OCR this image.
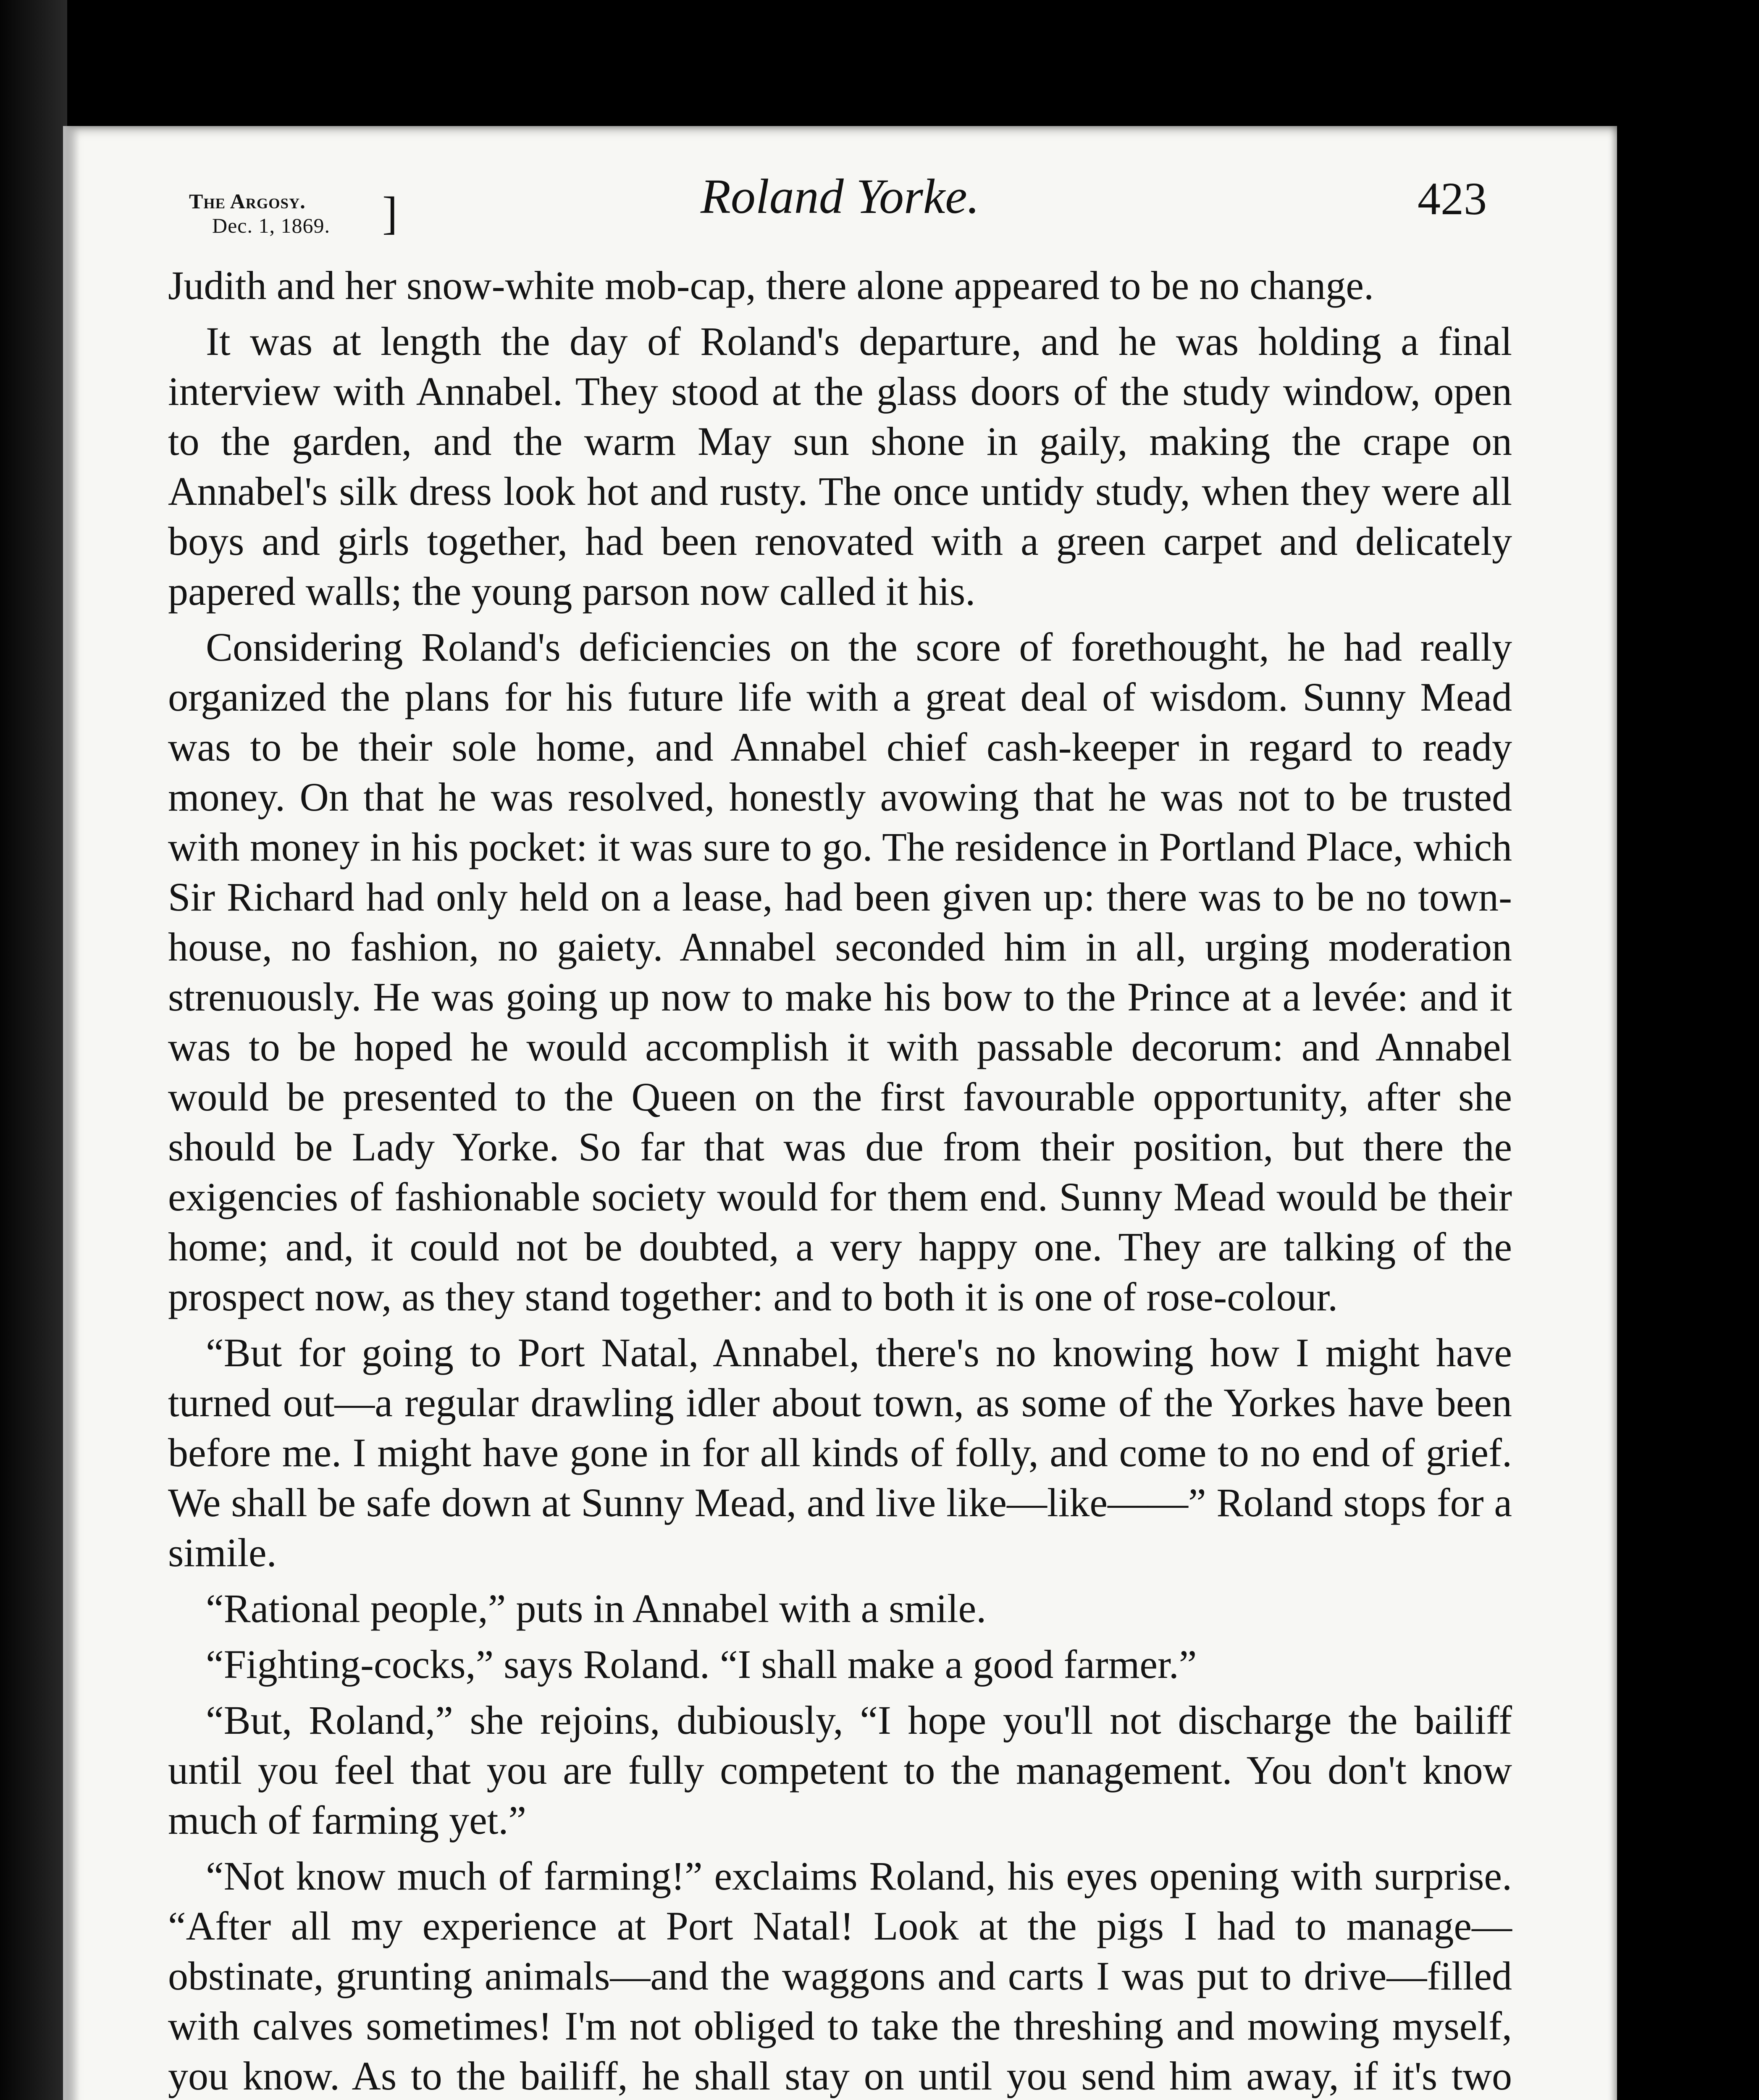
The Argosy.
Dec. 1, 1869. ]	Roland Yorke.	423

Judith and her snow-white mob-cap, there alone appeared to be no change.

It was at length the day of Roland's departure, and he was holding a final interview with Annabel. They stood at the glass doors of the study window, open to the garden, and the warm May sun shone in gaily, making the crape on Annabel's silk dress look hot and rusty. The once untidy study, when they were all boys and girls together, had been renovated with a green carpet and delicately papered walls; the young parson now called it his.

Considering Roland's deficiencies on the score of forethought, he had really organized the plans for his future life with a great deal of wisdom. Sunny Mead was to be their sole home, and Annabel chief cash-keeper in regard to ready money. On that he was resolved, honestly avowing that he was not to be trusted with money in his pocket: it was sure to go. The residence in Portland Place, which Sir Richard had only held on a lease, had been given up: there was to be no town-house, no fashion, no gaiety. Annabel seconded him in all, urging moderation strenuously. He was going up now to make his bow to the Prince at a levée: and it was to be hoped he would accomplish it with passable decorum: and Annabel would be presented to the Queen on the first favourable opportunity, after she should be Lady Yorke. So far that was due from their position, but there the exigencies of fashionable society would for them end. Sunny Mead would be their home; and, it could not be doubted, a very happy one. They are talking of the prospect now, as they stand together: and to both it is one of rose-colour.

“But for going to Port Natal, Annabel, there's no knowing how I might have turned out—a regular drawling idler about town, as some of the Yorkes have been before me. I might have gone in for all kinds of folly, and come to no end of grief. We shall be safe down at Sunny Mead, and live like—like——” Roland stops for a simile.

“Rational people,” puts in Annabel with a smile.

“Fighting-cocks,” says Roland. “I shall make a good farmer.”

“But, Roland,” she rejoins, dubiously, “I hope you'll not discharge the bailiff until you feel that you are fully competent to the management. You don't know much of farming yet.”

“Not know much of farming!” exclaims Roland, his eyes opening with surprise. “After all my experience at Port Natal! Look at the pigs I had to manage—obstinate, grunting animals—and the waggons and carts I was put to drive—filled with calves sometimes! I'm not obliged to take the threshing and mowing myself, you know. As to the bailiff, he shall stay on until you send him away, if it's two
